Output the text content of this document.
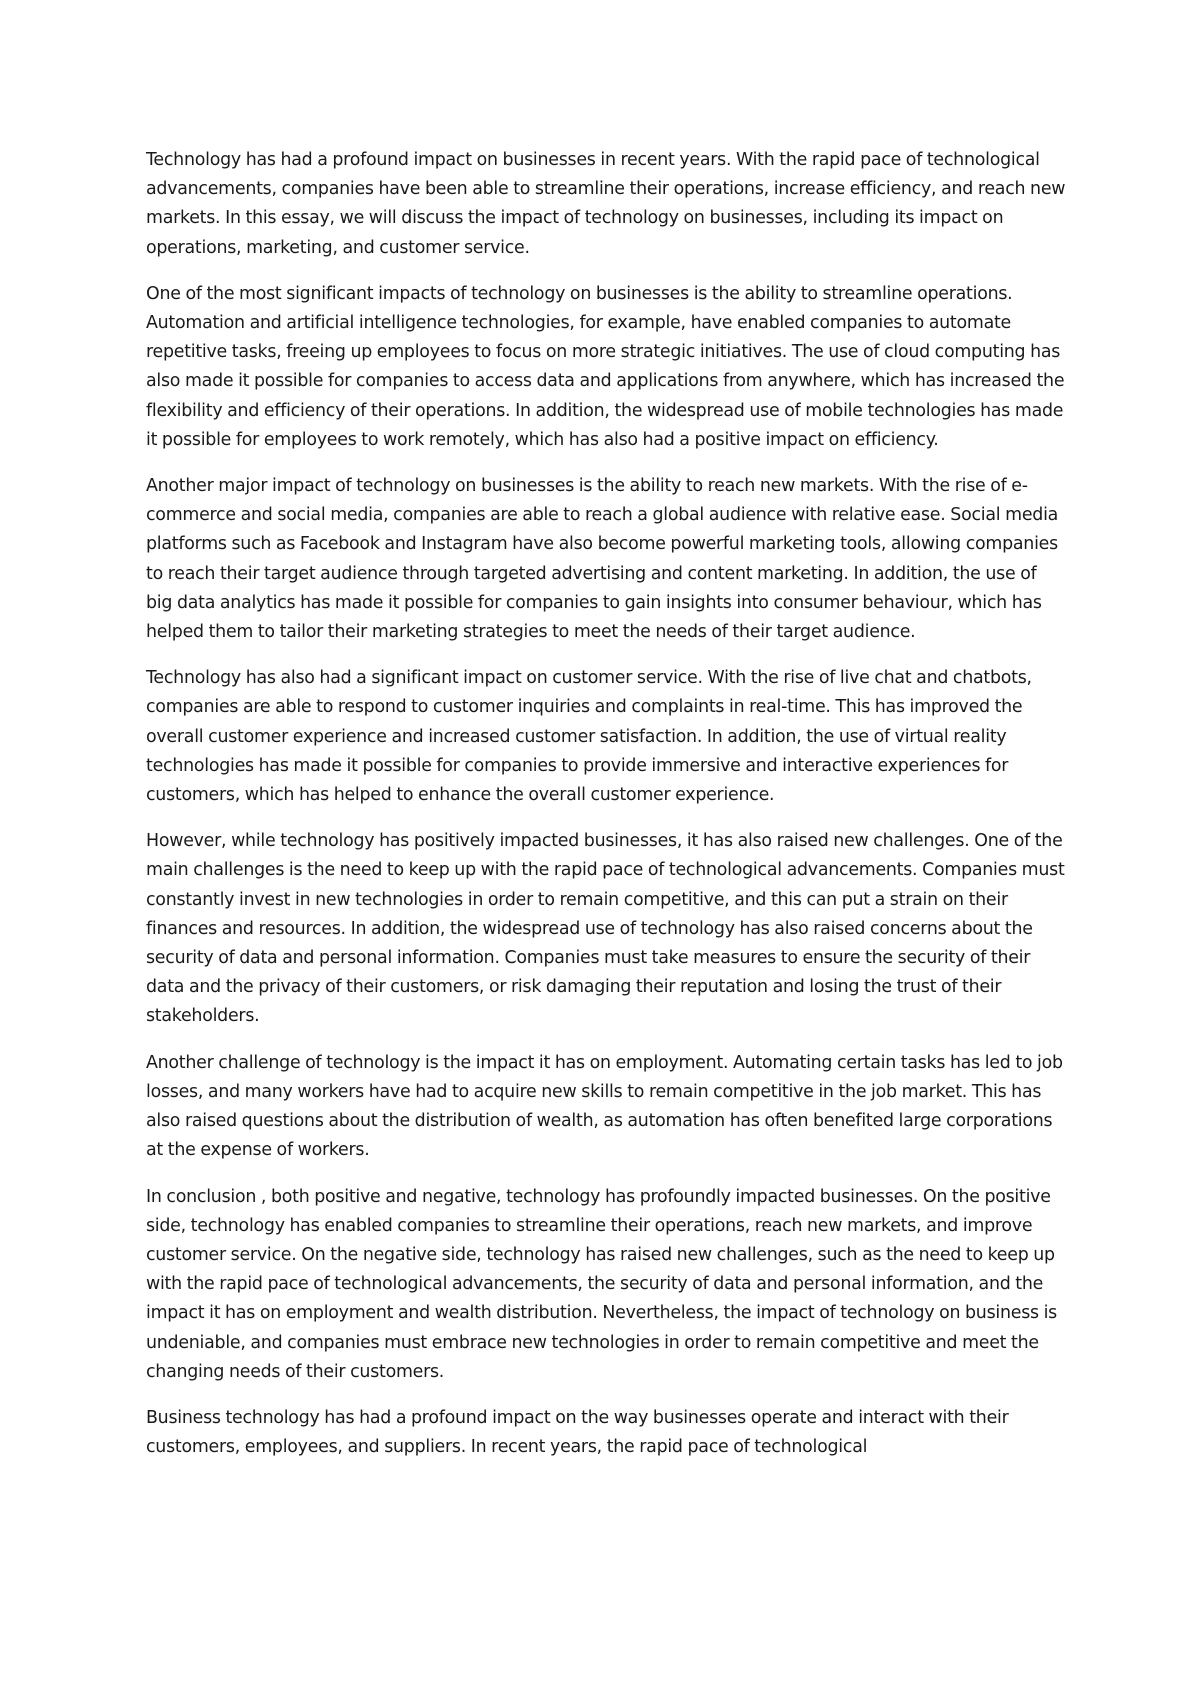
Technology has had a profound impact on businesses in recent years. With the rapid pace of technological advancements, companies have been able to streamline their operations, increase efficiency, and reach new markets. In this essay, we will discuss the impact of technology on businesses, including its impact on operations, marketing, and customer service.

One of the most significant impacts of technology on businesses is the ability to streamline operations. Automation and artificial intelligence technologies, for example, have enabled companies to automate repetitive tasks, freeing up employees to focus on more strategic initiatives. The use of cloud computing has also made it possible for companies to access data and applications from anywhere, which has increased the flexibility and efficiency of their operations. In addition, the widespread use of mobile technologies has made it possible for employees to work remotely, which has also had a positive impact on efficiency.

Another major impact of technology on businesses is the ability to reach new markets. With the rise of e-commerce and social media, companies are able to reach a global audience with relative ease. Social media platforms such as Facebook and Instagram have also become powerful marketing tools, allowing companies to reach their target audience through targeted advertising and content marketing. In addition, the use of big data analytics has made it possible for companies to gain insights into consumer behaviour, which has helped them to tailor their marketing strategies to meet the needs of their target audience.

Technology has also had a significant impact on customer service. With the rise of live chat and chatbots, companies are able to respond to customer inquiries and complaints in real-time. This has improved the overall customer experience and increased customer satisfaction. In addition, the use of virtual reality technologies has made it possible for companies to provide immersive and interactive experiences for customers, which has helped to enhance the overall customer experience.

However, while technology has positively impacted businesses, it has also raised new challenges. One of the main challenges is the need to keep up with the rapid pace of technological advancements. Companies must constantly invest in new technologies in order to remain competitive, and this can put a strain on their finances and resources. In addition, the widespread use of technology has also raised concerns about the security of data and personal information. Companies must take measures to ensure the security of their data and the privacy of their customers, or risk damaging their reputation and losing the trust of their stakeholders.

Another challenge of technology is the impact it has on employment. Automating certain tasks has led to job losses, and many workers have had to acquire new skills to remain competitive in the job market. This has also raised questions about the distribution of wealth, as automation has often benefited large corporations at the expense of workers.

In conclusion , both positive and negative, technology has profoundly impacted businesses. On the positive side, technology has enabled companies to streamline their operations, reach new markets, and improve customer service. On the negative side, technology has raised new challenges, such as the need to keep up with the rapid pace of technological advancements, the security of data and personal information, and the impact it has on employment and wealth distribution. Nevertheless, the impact of technology on business is undeniable, and companies must embrace new technologies in order to remain competitive and meet the changing needs of their customers.

Business technology has had a profound impact on the way businesses operate and interact with their customers, employees, and suppliers. In recent years, the rapid pace of technological
